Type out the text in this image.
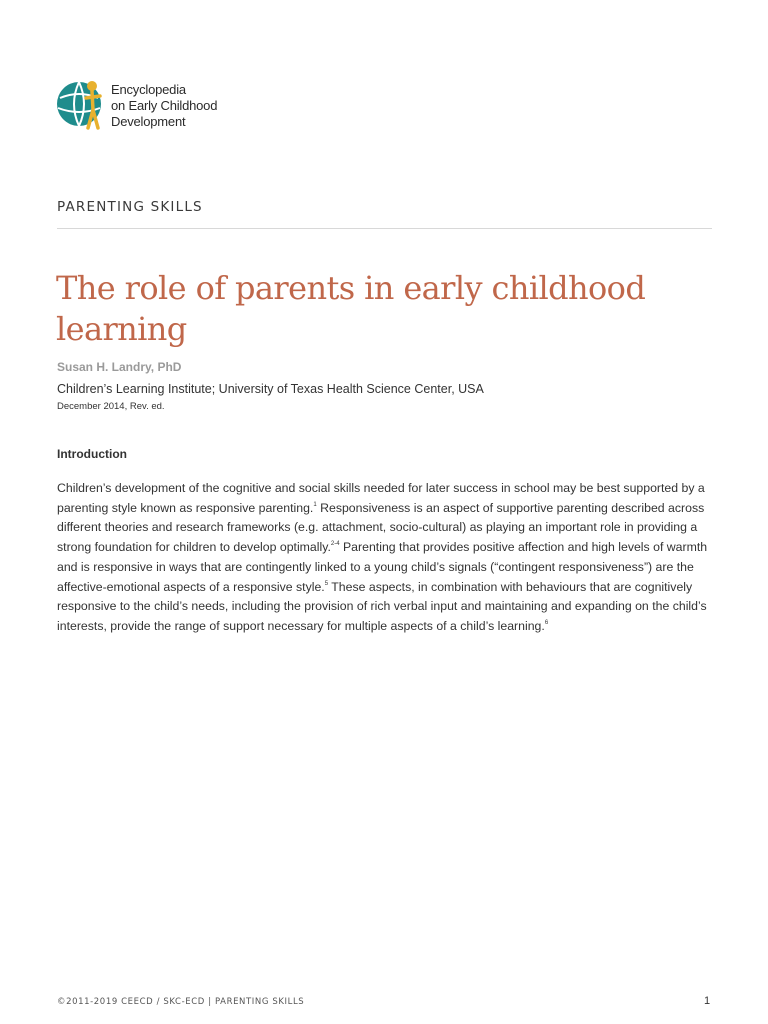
Encyclopedia
on Early Childhood
Development
PARENTING SKILLS
The role of parents in early childhood learning
Susan H. Landry, PhD
Children’s Learning Institute; University of Texas Health Science Center, USA
December 2014, Rev. ed.
Introduction

Children’s development of the cognitive and social skills needed for later success in school may be best supported by a parenting style known as responsive parenting.$^1$ Responsiveness is an aspect of supportive parenting described across different theories and research frameworks (e.g. attachment, socio-cultural) as playing an important role in providing a strong foundation for children to develop optimally.$^{2-4}$ Parenting that provides positive affection and high levels of warmth and is responsive in ways that are contingently linked to a young child’s signals (“contingent responsiveness”) are the affective-emotional aspects of a responsive style.$^5$ These aspects, in combination with behaviours that are cognitively responsive to the child’s needs, including the provision of rich verbal input and maintaining and expanding on the child’s interests, provide the range of support necessary for multiple aspects of a child’s learning.$^6$

©2011-2019 CEECD / SKC-ECD | PARENTING SKILLS	1
